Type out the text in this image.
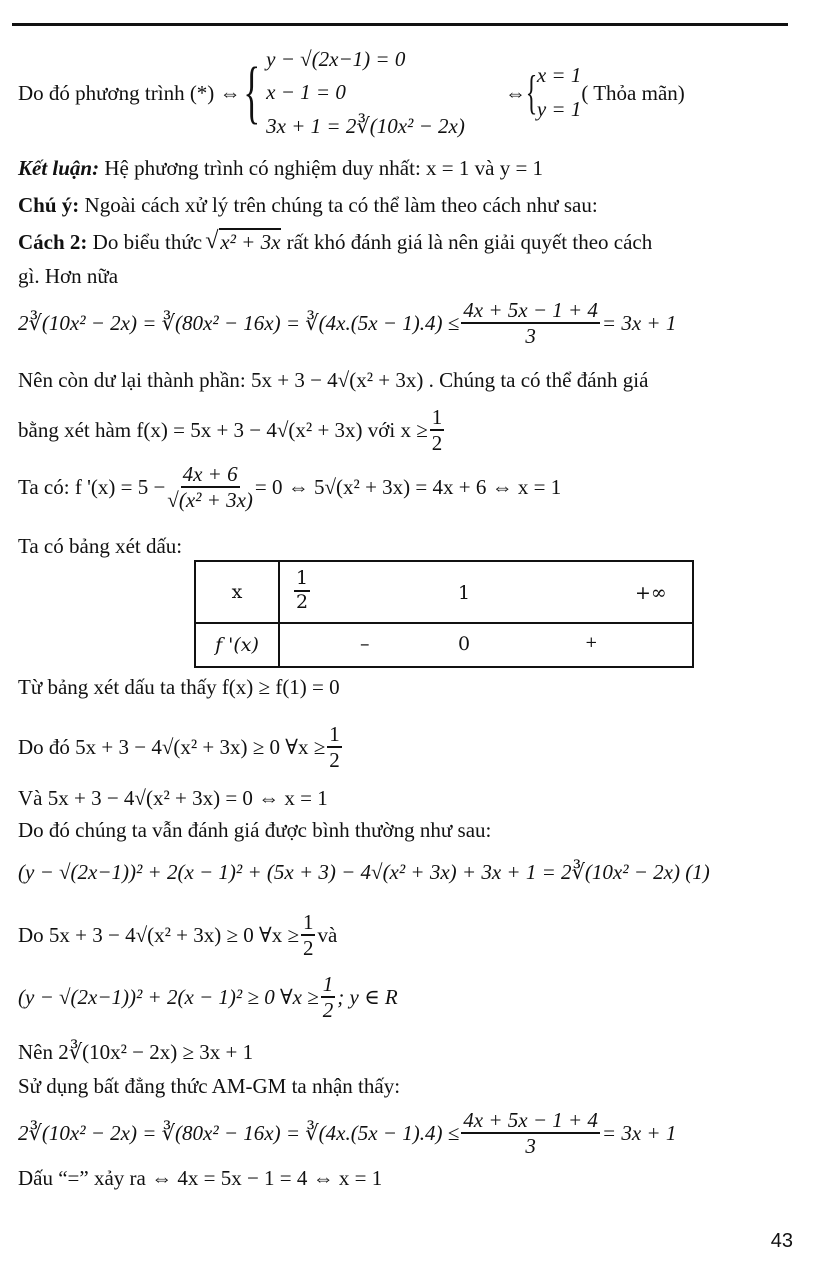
Do đó phương trình (*) ⇔ { y − √(2x−1) = 0
x − 1 = 0
3x + 1 = 2∛(10x² − 2x)
⇔ { x = 1
y = 1
( Thỏa mãn)
Kết luận: Hệ phương trình có nghiệm duy nhất: x = 1 và y = 1
Chú ý: Ngoài cách xử lý trên chúng ta có thể làm theo cách như sau:
Cách 2: Do biểu thức √ x² + 3x rất khó đánh giá là nên giải quyết theo cách
gì. Hơn nữa
2∛(10x² − 2x) = ∛(80x² − 16x) = ∛(4x.(5x − $1).4) \le \frac{4x + 5x - 1 + 4}{3} = 3x + 1$
Nên còn dư lại thành phần: 5x + 3 − 4√(x² + 3x) . Chúng ta có thể đánh giá
bằng xét hàm f(x) = 5x + 3 − 4√(x² + 3x) với $x \ge \frac{1}{2}$
Ta có: f '$(x) = 5 - \frac{4x + 6}{\text{√(x² + 3x)}} = 0$ ⇔ 5√(x² + 3x) = 4x + 6 ⇔ x = 1
Ta có bảng xét dấu:
x	$\frac{1}{2} 1$ +∞

f '(x)	– 0 +
Từ bảng xét dấu ta thấy f(x) ≥ f(1) = 0
Do đó 5x + 3 − 4√(x² + 3x) ≥ 0 ∀x ≥ $\frac{1}{2}$
Và 5x + 3 − 4√(x² + 3x) = 0 ⇔ x = 1
Do đó chúng ta vẫn đánh giá được bình thường như sau:
(y − √(2x−1))² + 2(x − 1)² + (5x + 3) − 4√(x² + 3x) + 3x + 1 = 2∛(10x² − 2x) (1)
Do 5x + 3 − 4√(x² + 3x) ≥ 0 ∀x ≥ $\frac{1}{2}$ và
(y − √(2x−1))² + 2(x − 1)² ≥ 0 ∀x ≥ $\frac{1}{2}$ ; y ∈ R
Nên 2∛(10x² − 2x) ≥ 3x + 1
Sử dụng bất đẳng thức AM-GM ta nhận thấy:
2∛(10x² − 2x) = ∛(80x² − 16x) = ∛(4x.(5x − $1).4) \le \frac{4x + 5x - 1 + 4}{3} = 3x + 1$
Dấu “=” xảy ra ⇔ 4x = 5x − 1 = 4 ⇔ x = 1
43
